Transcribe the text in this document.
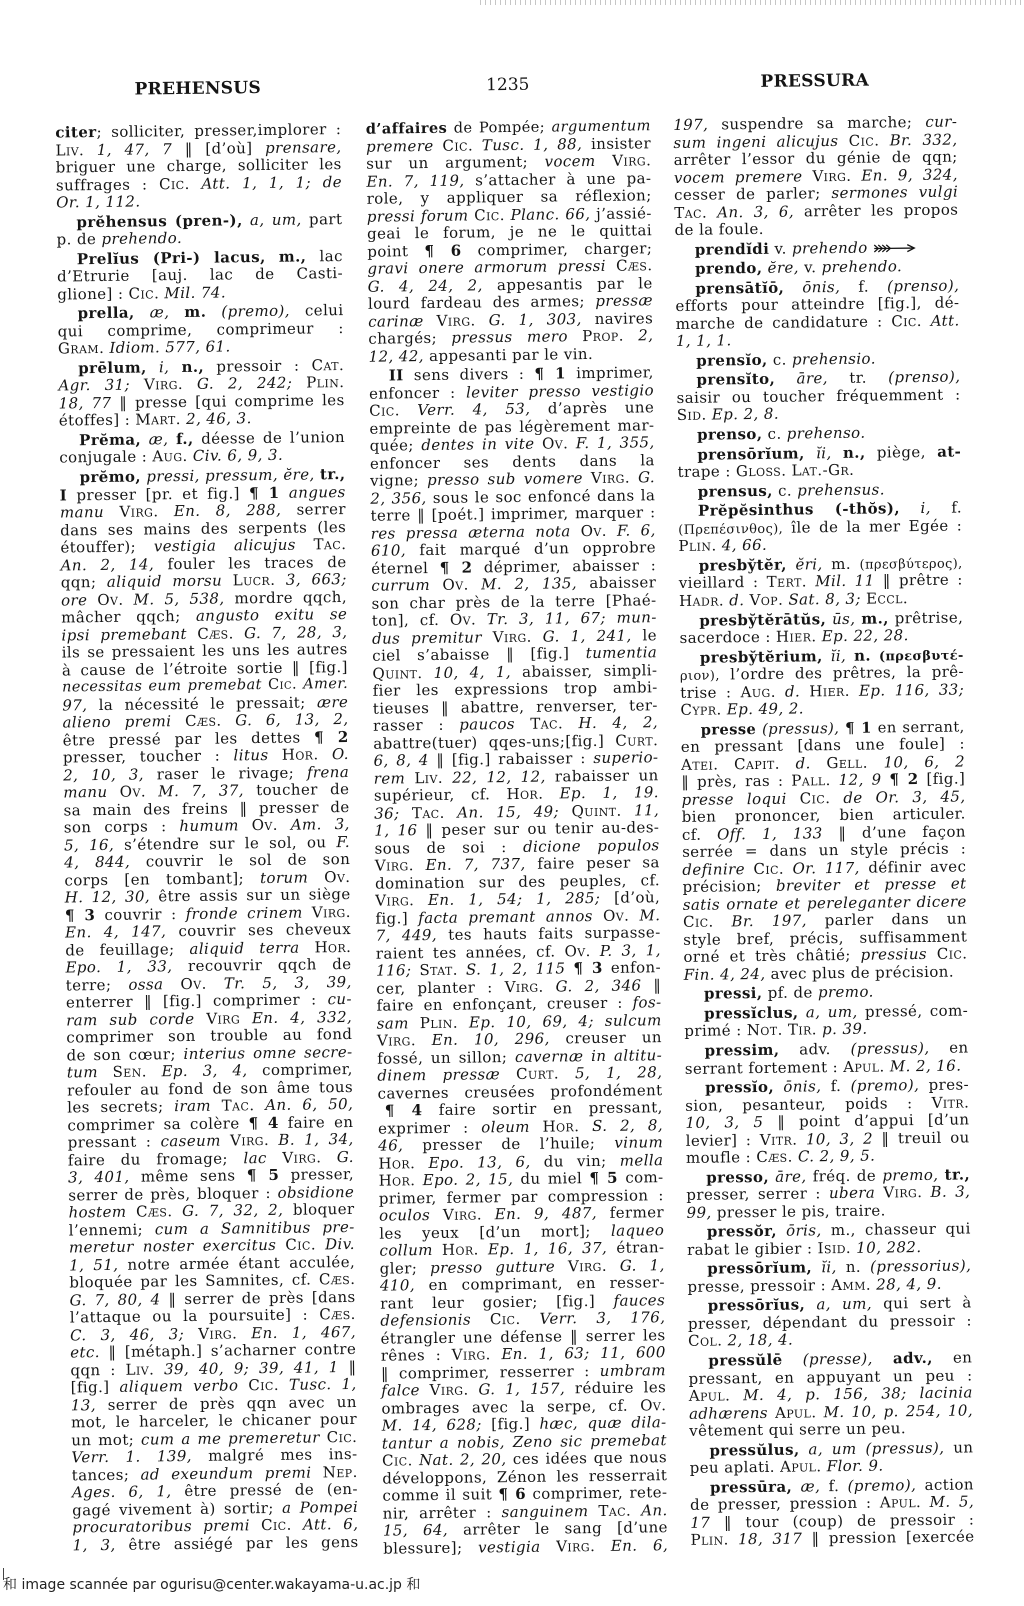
PREHENSUS	1235	PRESSURA
citer; solliciter, presser,implorer :
Liv. 1, 47, 7 ‖ [d’où] prensare,
briguer une charge, solliciter les
suffrages : Cic. Att. 1, 1, 1; de
Or. 1, 112.
prĕhensus (pren-), a, um, part
p. de prehendo.
Prelĭus (Pri-) lacus, m., lac
d’Etrurie [auj. lac de Casti-
glione] : Cic. Mil. 74.
prella, æ, m. (premo), celui
qui comprime, comprimeur :
Gram. Idiom. 577, 61.
prēlum, i, n., pressoir : Cat.
Agr. 31; Virg. G. 2, 242; Plin.
18, 77 ‖ presse [qui comprime les
étoffes] : Mart. 2, 46, 3.
Prĕma, æ, f., déesse de l’union
conjugale : Aug. Civ. 6, 9, 3.
prĕmo, pressi, pressum, ĕre, tr.,
I presser [pr. et fig.] ¶ 1 angues
manu Virg. En. 8, 288, serrer
dans ses mains des serpents (les
étouffer); vestigia alicujus Tac.
An. 2, 14, fouler les traces de
qqn; aliquid morsu Lucr. 3, 663;
ore Ov. M. 5, 538, mordre qqch,
mâcher qqch; angusto exitu se
ipsi premebant Cæs. G. 7, 28, 3,
ils se pressaient les uns les autres
à cause de l’étroite sortie ‖ [fig.]
necessitas eum premebat Cic. Amer.
97, la nécessité le pressait; ære
alieno premi Cæs. G. 6, 13, 2,
être pressé par les dettes ¶ 2
presser, toucher : litus Hor. O.
2, 10, 3, raser le rivage; frena
manu Ov. M. 7, 37, toucher de
sa main des freins ‖ presser de
son corps : humum Ov. Am. 3,
5, 16, s’étendre sur le sol, ou F.
4, 844, couvrir le sol de son
corps [en tombant]; torum Ov.
H. 12, 30, être assis sur un siège
¶ 3 couvrir : fronde crinem Virg.
En. 4, 147, couvrir ses cheveux
de feuillage; aliquid terra Hor.
Epo. 1, 33, recouvrir qqch de
terre; ossa Ov. Tr. 5, 3, 39,
enterrer ‖ [fig.] comprimer : cu-
ram sub corde Virg En. 4, 332,
comprimer son trouble au fond
de son cœur; interius omne secre-
tum Sen. Ep. 3, 4, comprimer,
refouler au fond de son âme tous
les secrets; iram Tac. An. 6, 50,
comprimer sa colère ¶ 4 faire en
pressant : caseum Virg. B. 1, 34,
faire du fromage; lac Virg. G.
3, 401, même sens ¶ 5 presser,
serrer de près, bloquer : obsidione
hostem Cæs. G. 7, 32, 2, bloquer
l’ennemi; cum a Samnitibus pre-
meretur noster exercitus Cic. Div.
1, 51, notre armée étant acculée,
bloquée par les Samnites, cf. Cæs.
G. 7, 80, 4 ‖ serrer de près [dans
l’attaque ou la poursuite] : Cæs.
C. 3, 46, 3; Virg. En. 1, 467,
etc. ‖ [métaph.] s’acharner contre
qqn : Liv. 39, 40, 9; 39, 41, 1 ‖
[fig.] aliquem verbo Cic. Tusc. 1,
13, serrer de près qqn avec un
mot, le harceler, le chicaner pour
un mot; cum a me premeretur Cic.
Verr. 1. 139, malgré mes ins-
tances; ad exeundum premi Nep.
Ages. 6, 1, être pressé de (en-
gagé vivement à) sortir; a Pompei
procuratoribus premi Cic. Att. 6,
1, 3, être assiégé par les gens
d’affaires de Pompée; argumentum
premere Cic. Tusc. 1, 88, insister
sur un argument; vocem Virg.
En. 7, 119, s’attacher à une pa-
role, y appliquer sa réflexion;
pressi forum Cic. Planc. 66, j’assié-
geai le forum, je ne le quittai
point ¶ 6 comprimer, charger;
gravi onere armorum pressi Cæs.
G. 4, 24, 2, appesantis par le
lourd fardeau des armes; pressæ
carinæ Virg. G. 1, 303, navires
chargés; pressus mero Prop. 2,
12, 42, appesanti par le vin.
II sens divers : ¶ 1 imprimer,
enfoncer : leviter presso vestigio
Cic. Verr. 4, 53, d’après une
empreinte de pas légèrement mar-
quée; dentes in vite Ov. F. 1, 355,
enfoncer ses dents dans la
vigne; presso sub vomere Virg. G.
2, 356, sous le soc enfoncé dans la
terre ‖ [poét.] imprimer, marquer :
res pressa æterna nota Ov. F. 6,
610, fait marqué d’un opprobre
éternel ¶ 2 déprimer, abaisser :
currum Ov. M. 2, 135, abaisser
son char près de la terre [Phaé-
ton], cf. Ov. Tr. 3, 11, 67; mun-
dus premitur Virg. G. 1, 241, le
ciel s’abaisse ‖ [fig.] tumentia
Quint. 10, 4, 1, abaisser, simpli-
fier les expressions trop ambi-
tieuses ‖ abattre, renverser, ter-
rasser : paucos Tac. H. 4, 2,
abattre(tuer) qqes-uns;[fig.] Curt.
6, 8, 4 ‖ [fig.] rabaisser : superio-
rem Liv. 22, 12, 12, rabaisser un
supérieur, cf. Hor. Ep. 1, 19.
36; Tac. An. 15, 49; Quint. 11,
1, 16 ‖ peser sur ou tenir au-des-
sous de soi : dicione populos
Virg. En. 7, 737, faire peser sa
domination sur des peuples, cf.
Virg. En. 1, 54; 1, 285; [d’où,
fig.] facta premant annos Ov. M.
7, 449, tes hauts faits surpasse-
raient tes années, cf. Ov. P. 3, 1,
116; Stat. S. 1, 2, 115 ¶ 3 enfon-
cer, planter : Virg. G. 2, 346 ‖
faire en enfonçant, creuser : fos-
sam Plin. Ep. 10, 69, 4; sulcum
Virg. En. 10, 296, creuser un
fossé, un sillon; cavernæ in altitu-
dinem pressæ Curt. 5, 1, 28,
cavernes creusées profondément
¶ 4 faire sortir en pressant,
exprimer : oleum Hor. S. 2, 8,
46, presser de l’huile; vinum
Hor. Epo. 13, 6, du vin; mella
Hor. Epo. 2, 15, du miel ¶ 5 com-
primer, fermer par compression :
oculos Virg. En. 9, 487, fermer
les yeux [d’un mort]; laqueo
collum Hor. Ep. 1, 16, 37, étran-
gler; presso gutture Virg. G. 1,
410, en comprimant, en resser-
rant leur gosier; [fig.] fauces
defensionis Cic. Verr. 3, 176,
étrangler une défense ‖ serrer les
rênes : Virg. En. 1, 63; 11, 600
‖ comprimer, resserrer : umbram
falce Virg. G. 1, 157, réduire les
ombrages avec la serpe, cf. Ov.
M. 14, 628; [fig.] hæc, quæ dila-
tantur a nobis, Zeno sic premebat
Cic. Nat. 2, 20, ces idées que nous
développons, Zénon les resserrait
comme il suit ¶ 6 comprimer, rete-
nir, arrêter : sanguinem Tac. An.
15, 64, arrêter le sang [d’une
blessure]; vestigia Virg. En. 6,
197, suspendre sa marche; cur-
sum ingeni alicujus Cic. Br. 332,
arrêter l’essor du génie de qqn;
vocem premere Virg. En. 9, 324,
cesser de parler; sermones vulgi
Tac. An. 3, 6, arrêter les propos
de la foule.
prendĭdi v. prehendo
prendo, ĕre, v. prehendo.
prensātĭō, ōnis, f. (prenso),
efforts pour atteindre [fig.], dé-
marche de candidature : Cic. Att.
1, 1, 1.
prensĭo, c. prehensio.
prensĭto, āre, tr. (prenso),
saisir ou toucher fréquemment :
Sid. Ep. 2, 8.
prenso, c. prehenso.
prensōrĭum, ĭi, n., piège, at-
trape : Gloss. Lat.-Gr.
prensus, c. prehensus.
Prĕpĕsinthus (-thŏs), i, f.
(Πρεπέσινθος), île de la mer Egée :
Plin. 4, 66.
presby̆tĕr, ĕri, m. (πρεσβύτερος),
vieillard : Tert. Mil. 11 ‖ prêtre :
Hadr. d. Vop. Sat. 8, 3; Eccl.
presby̆tĕrātŭs, ūs, m., prêtrise,
sacerdoce : Hier. Ep. 22, 28.
presby̆tĕrium, ĭi, n. (πρεσβυτέ-
ριον), l’ordre des prêtres, la prê-
trise : Aug. d. Hier. Ep. 116, 33;
Cypr. Ep. 49, 2.
presse (pressus), ¶ 1 en serrant,
en pressant [dans une foule] :
Atei. Capit. d. Gell. 10, 6, 2
‖ près, ras : Pall. 12, 9 ¶ 2 [fig.]
presse loqui Cic. de Or. 3, 45,
bien prononcer, bien articuler.
cf. Off. 1, 133 ‖ d’une façon
serrée = dans un style précis :
definire Cic. Or. 117, définir avec
précision; breviter et presse et
satis ornate et pereleganter dicere
Cic. Br. 197, parler dans un
style bref, précis, suffisamment
orné et très châtié; pressius Cic.
Fin. 4, 24, avec plus de précision.
pressi, pf. de premo.
pressĭclus, a, um, pressé, com-
primé : Not. Tir. p. 39.
pressim, adv. (pressus), en
serrant fortement : Apul. M. 2, 16.
pressĭo, ōnis, f. (premo), pres-
sion, pesanteur, poids : Vitr.
10, 3, 5 ‖ point d’appui [d’un
levier] : Vitr. 10, 3, 2 ‖ treuil ou
moufle : Cæs. C. 2, 9, 5.
presso, āre, fréq. de premo, tr.,
presser, serrer : ubera Virg. B. 3,
99, presser le pis, traire.
pressŏr, ōris, m., chasseur qui
rabat le gibier : Isid. 10, 282.
pressōrĭum, ĭi, n. (pressorius),
presse, pressoir : Amm. 28, 4, 9.
pressōrĭus, a, um, qui sert à
presser, dépendant du pressoir :
Col. 2, 18, 4.
pressŭlē (presse), adv., en
pressant, en appuyant un peu :
Apul. M. 4, p. 156, 38; lacinia
adhærens Apul. M. 10, p. 254, 10,
vêtement qui serre un peu.
pressŭlus, a, um (pressus), un
peu aplati. Apul. Flor. 9.
pressūra, æ, f. (premo), action
de presser, pression : Apul. M. 5,
17 ‖ tour (coup) de pressoir :
Plin. 18, 317 ‖ pression [exercée
和 image scannée par ogurisu@center.wakayama-u.ac.jp 和
